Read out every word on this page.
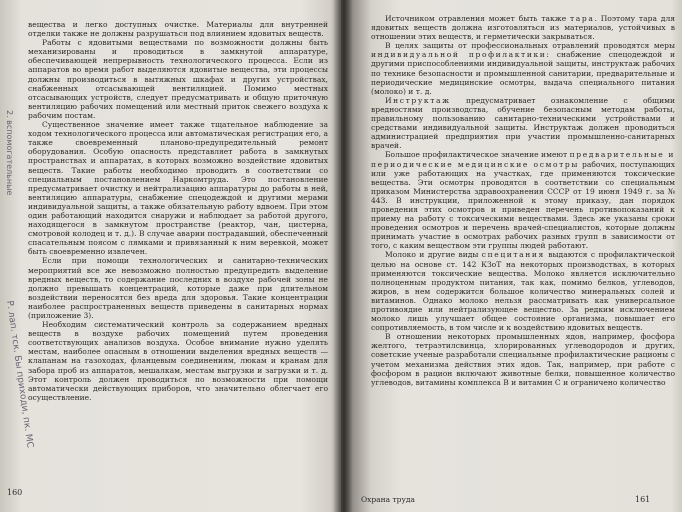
вещества и легко доступных очистке. Материалы для внутренней отделки также не должны разрушаться под влиянием ядовитых веществ.

Работы с ядовитыми веществами по возможности должны быть механизированы и проводиться в замкнутой аппаратуре, обеспечивающей непрерывность технологического процесса. Если из аппаратов во время работ выделяются ядовитые вещества, эти процессы должны производиться в вытяжных шкафах и других устройствах, снабженных отсасывающей вентиляцией. Помимо местных отсасывающих устройств, следует предусматривать и общую приточную вентиляцию рабочих помещений или местный приток свежего воздуха к рабочим постам.

Существенное значение имеет также тщательное наблюдение за ходом технологического процесса или автоматическая регистрация его, а также своевременный планово-предупредительный ремонт оборудования. Особую опасность представляет работа в замкнутых пространствах и аппаратах, в которых возможно воздействие ядовитых веществ. Такие работы необходимо проводить в соответствии со специальным постановлением Наркомтруда. Это постановление предусматривает очистку и нейтрализацию аппаратуры до работы в ней, вентиляцию аппаратуры, снабжение спецодеждой и другими мерами индивидуальной защиты, а также обязательную работу вдвоем. При этом один работающий находится снаружи и наблюдает за работой другого, находящегося в замкнутом пространстве (реактор, чан, цистерна, смотровой колодец и т. д.). В случае аварии пострадавший, обеспеченный спасательным поясом с лямками и привязанный к ним веревкой, может быть своевременно извлечен.

Если при помощи технологических и санитарно-технических мероприятий все же невозможно полностью предупредить выделение вредных веществ, то содержание последних в воздухе рабочей зоны не должно превышать концентраций, которые даже при длительном воздействии переносятся без вреда для здоровья. Такие концентрации наиболее распространенных веществ приведены в санитарных нормах (приложение 3).

Необходим систематический контроль за содержанием вредных веществ в воздухе рабочих помещений путем проведения соответствующих анализов воздуха. Особое внимание нужно уделять местам, наиболее опасным в отношении выделения вредных веществ — клапанам на газоходах, фланцевым соединениям, люкам и кранам для забора проб из аппаратов, мешалкам, местам выгрузки и загрузки и т. д. Этот контроль должен проводиться по возможности при помощи автоматически действующих приборов, что значительно облегчает его осуществление.

160
2. вспомогательные
Р. лап. тск. Бы приходи, пк. МС

Источником отравления может быть также тара. Поэтому тара для ядовитых веществ должна изготовляться из материалов, устойчивых в отношении этих веществ, и герметически закрываться.

В целях защиты от профессиональных отравлений проводятся меры индивидуальной профилактики: снабжение спецодеждой и другими приспособлениями индивидуальной защиты, инструктаж рабочих по технике безопасности и промышленной санитарии, предварительные и периодические медицинские осмотры, выдача специального питания (молоко) и т. д.

Инструктаж предусматривает ознакомление с общими вредностями производства, обучение безопасным методам работы, правильному пользованию санитарно-техническими устройствами и средствами индивидуальной защиты. Инструктаж должен проводиться администрацией предприятия при участии промышленно-санитарных врачей.

Большое профилактическое значение имеют предварительные и периодические медицинские осмотры рабочих, поступающих или уже работающих на участках, где применяются токсические вещества. Эти осмотры проводятся в соответствии со специальным приказом Министерства здравоохранения СССР от 19 июня 1949 г. за № 443. В инструкции, приложенной к этому приказу, дан порядок проведения этих осмотров и приведен перечень противопоказаний к приему на работу с токсическими веществами. Здесь же указаны сроки проведения осмотров и перечень врачей-специалистов, которые должны принимать участие в осмотрах рабочих разных групп в зависимости от того, с каким веществом эти группы людей работают.

Молоко и другие виды специтания выдаются с профилактической целью на основе ст. 142 КЗоТ на некоторых производствах, в которых применяются токсические вещества. Молоко является исключительно полноценным продуктом питания, так как, помимо белков, углеводов, жиров, в нем содержится большое количество минеральных солей и витаминов. Однако молоко нельзя рассматривать как универсальное противоядие или нейтрализующее вещество. За редким исключением молоко лишь улучшает общее состояние организма, повышает его сопротивляемость, в том числе и к воздействию ядовитых веществ.

В отношении некоторых промышленных ядов, например, фосфора желтого, тетраэтилсвинца, хлорированных углеводородов и других, советские ученые разработали специальные профилактические рационы с учетом механизма действия этих ядов. Так, например, при работе с фосфором в рацион включают животные белки, повышенное количество углеводов, витамины комплекса В и витамин С и ограничено количество

Охрана труда	161
